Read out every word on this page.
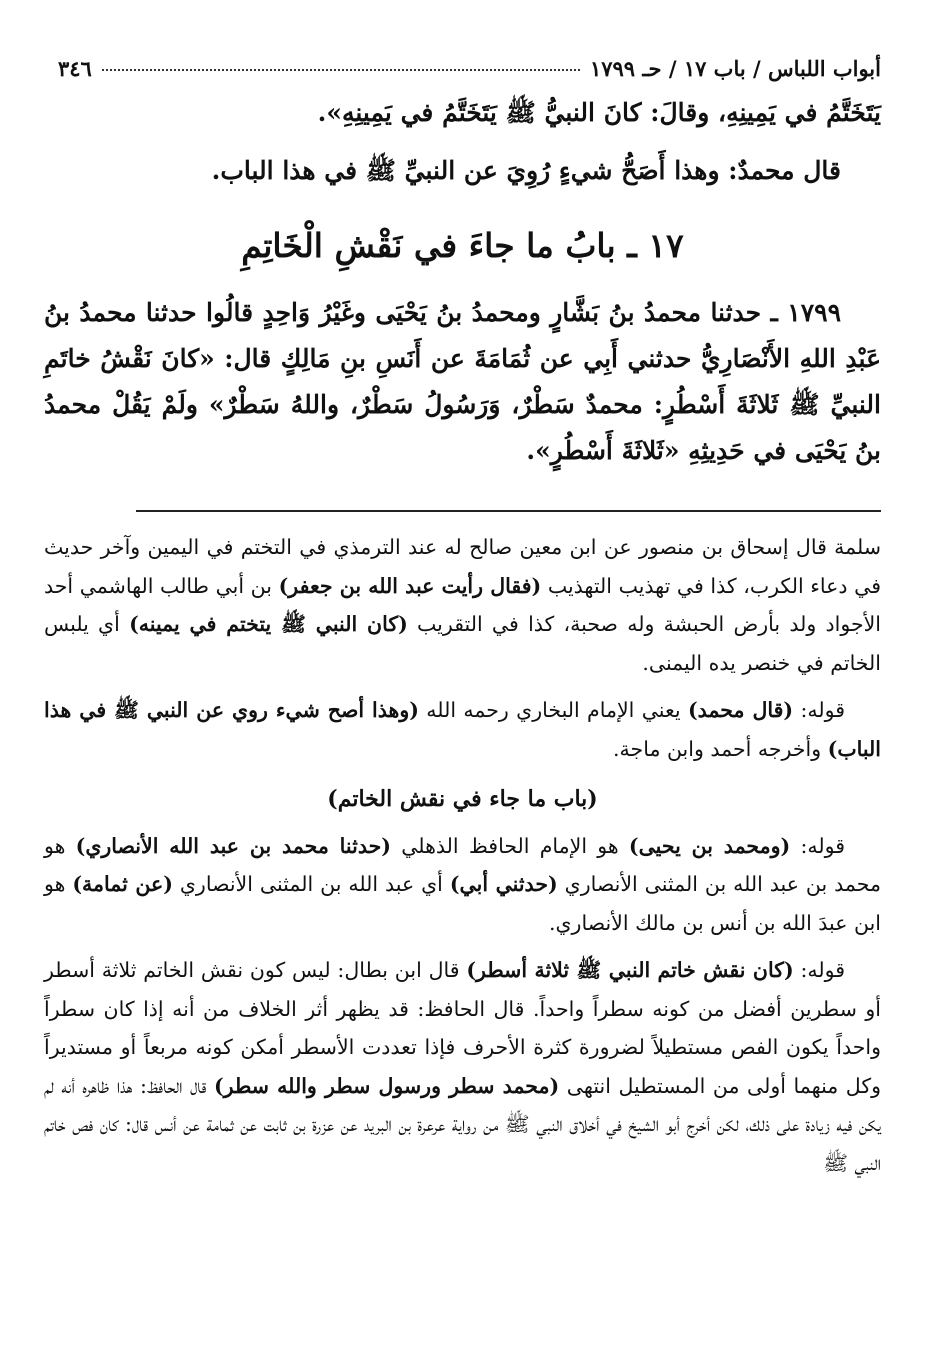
أبواب اللباس / باب ١٧ / حـ ١٧٩٩
٣٤٦

يَتَخَتَّمُ في يَمِينِهِ، وقالَ: كانَ النبيُّ ﷺ يَتَخَتَّمُ في يَمِينِهِ».

قال محمدٌ: وهذا أَصَحُّ شيءٍ رُوِيَ عن النبيِّ ﷺ في هذا الباب.

١٧ ـ بابُ ما جاءَ في نَقْشِ الْخَاتِمِ

١٧٩٩ ـ حدثنا محمدُ بنُ بَشَّارٍ ومحمدُ بنُ يَحْيَى وغَيْرُ وَاحِدٍ قالُوا حدثنا محمدُ بنُ عَبْدِ اللهِ الأَنْصَارِيُّ حدثني أَبِي عن ثُمَامَةَ عن أَنَسِ بنِ مَالِكٍ قال: «كانَ نَقْشُ خاتَمِ النبيِّ ﷺ ثَلاثَةَ أَسْطُرٍ: محمدٌ سَطْرٌ، وَرَسُولُ سَطْرٌ، واللهُ سَطْرٌ» ولَمْ يَقُلْ محمدُ بنُ يَحْيَى في حَدِيثِهِ «ثَلاثَةَ أَسْطُرٍ».

سلمة قال إسحاق بن منصور عن ابن معين صالح له عند الترمذي في التختم في اليمين وآخر حديث في دعاء الكرب، كذا في تهذيب التهذيب (فقال رأيت عبد الله بن جعفر) بن أبي طالب الهاشمي أحد الأجواد ولد بأرض الحبشة وله صحبة، كذا في التقريب (كان النبي ﷺ يتختم في يمينه) أي يلبس الخاتم في خنصر يده اليمنى.

قوله: (قال محمد) يعني الإمام البخاري رحمه الله (وهذا أصح شيء روي عن النبي ﷺ في هذا الباب) وأخرجه أحمد وابن ماجة.

(باب ما جاء في نقش الخاتم)

قوله: (ومحمد بن يحيى) هو الإمام الحافظ الذهلي (حدثنا محمد بن عبد الله الأنصاري) هو محمد بن عبد الله بن المثنى الأنصاري (حدثني أبي) أي عبد الله بن المثنى الأنصاري (عن ثمامة) هو ابن عبدَ الله بن أنس بن مالك الأنصاري.

قوله: (كان نقش خاتم النبي ﷺ ثلاثة أسطر) قال ابن بطال: ليس كون نقش الخاتم ثلاثة أسطر أو سطرين أفضل من كونه سطراً واحداً. قال الحافظ: قد يظهر أثر الخلاف من أنه إذا كان سطراً واحداً يكون الفص مستطيلاً لضرورة كثرة الأحرف فإذا تعددت الأسطر أمكن كونه مربعاً أو مستديراً وكل منهما أولى من المستطيل انتهى (محمد سطر ورسول سطر والله سطر) قال الحافظ: هذا ظاهره أنه لم يكن فيه زيادة على ذلك، لكن أخرج أبو الشيخ في أخلاق النبي ﷺ من رواية عرعرة بن البريد عن عزرة بن ثابت عن ثمامة عن أنس قال: كان فص خاتم النبي ﷺ
